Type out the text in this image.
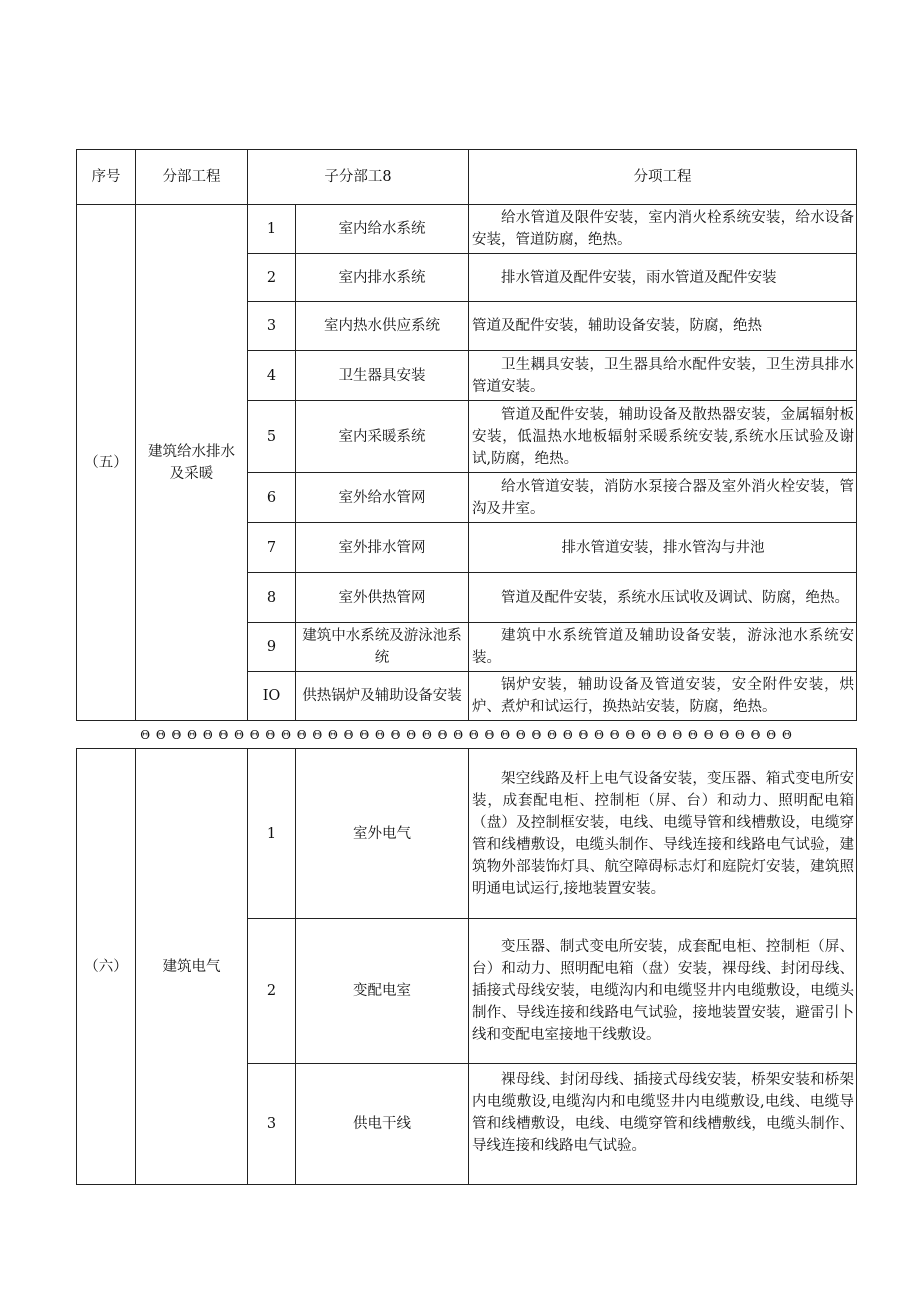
序号	分部工程	子分部工8		分项工程
（五）	建筑给水排水及采暖	1	室内给水系统	给水管道及限件安装，室内消火栓系统安装，给水设备安装，管道防腐，绝热。

		2	室内排水系统	排水管道及配件安装，雨水管道及配件安装

		3	室内热水供应系统	管道及配件安装，辅助设备安装，防腐，绝热

		4	卫生器具安装	卫生耦具安装，卫生器具给水配件安装，卫生涝具排水管道安装。

		5	室内采暖系统	管道及配件安装，辅助设备及散热器安装，金属辐射板安装，低温热水地板辐射采暖系统安装,系统水压试验及谢试,防腐，绝热。

		6	室外给水管网	给水管道安装，消防水泵接合器及室外消火栓安装，管沟及井室。

		7	室外排水管网	排水管道安装，排水管沟与井池

		8	室外供热管网	管道及配件安装，系统水压试收及调试、防腐，绝热。

		9	建筑中水系统及游泳池系统	建筑中水系统管道及辅助设备安装，游泳池水系统安装。

		IO	供热锅炉及辅助设备安装	锅炉安装，辅助设备及管道安装，安全附件安装，烘炉、煮炉和试运行，换热站安装，防腐，绝热。

Θ Θ Θ Θ Θ Θ Θ Θ Θ Θ Θ Θ Θ Θ Θ Θ Θ Θ Θ Θ Θ Θ Θ Θ Θ Θ Θ Θ Θ Θ Θ Θ Θ Θ Θ Θ Θ Θ Θ Θ Θ Θ				
（六）	建筑电气	1	室外电气	架空线路及杆上电气设备安装，变压器、箱式变电所安装，成套配电柜、控制柜（屏、台）和动力、照明配电箱（盘）及控制框安装，电线、电缆导管和线槽敷设，电缆穿管和线槽敷设，电缆头制作、导线连接和线路电气试验，建筑物外部装饰灯具、航空障碍标志灯和庭院灯安装，建筑照明通电试运行,接地装置安装。

		2	变配电室	变压器、制式变电所安装，成套配电柜、控制柜（屏、台）和动力、照明配电箱（盘）安装，裸母线、封闭母线、插接式母线安装，电缆沟内和电缆竖井内电缆敷设，电缆头制作、导线连接和线路电气试验，接地装置安装，避雷引卜线和变配电室接地干线敷设。

		3	供电干线	裸母线、封闭母线、插接式母线安装，桥架安装和桥架内电缆敷设,电缆沟内和电缆竖井内电缆敷设,电线、电缆导管和线槽敷设，电线、电缆穿管和线槽敷线，电缆头制作、导线连接和线路电气试验。
